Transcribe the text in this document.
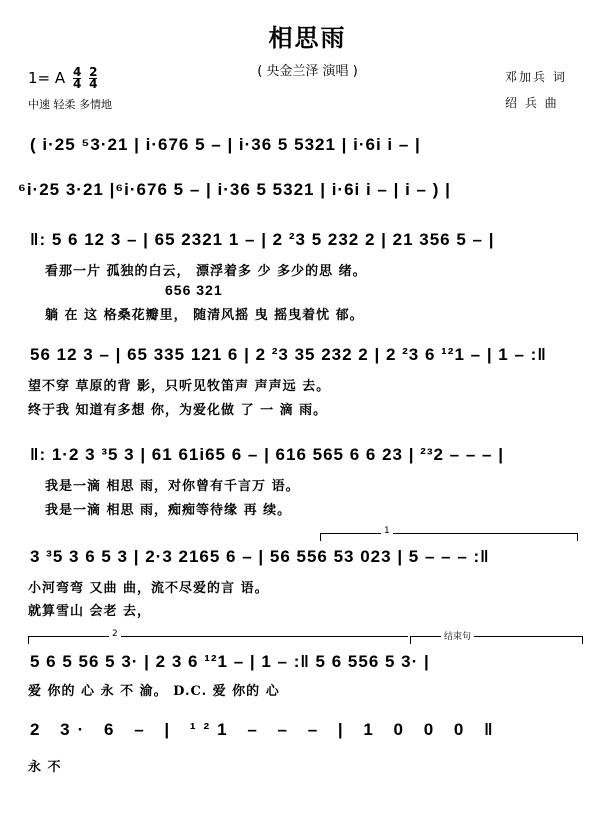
相思雨
( 央金兰泽 演唱 )
1= A $\frac{4}{4}$
$\frac{2}{4}$
中速 轻柔 多情地
邓加兵 词
绍 兵 曲
( i·25 ⁵3·21 | i·676 5 – | i·36 5 5321 | i·6i i – |
⁶i·25 3·21 |⁶i·676 5 – | i·36 5 5321 | i·6i i – | i – ) |
‖: 5 6 12 3 – | 65 2321 1 – | 2 ²3 5 232 2 | 21 356 5 – |
看那一片 孤独的白云， 漂浮着多 少 多少的思 绪。
656 321
躺 在 这 格桑花瓣里， 随清风摇 曳 摇曳着忧 郁。
56 12 3 – | 65 335 121 6 | 2 ²3 35 232 2 | 2 ²3 6 ¹²1 – | 1 – :‖
望不穿 草原的背 影，只听见牧笛声 声声远 去。
终于我 知道有多想 你，为爱化做 了 一 滴 雨。
‖: 1·2 3 ³5 3 | 61 61i65 6 – | 616 565 6 6 23 | ²³2 – – – |
我是一滴 相思 雨，对你曾有千言万 语。
我是一滴 相思 雨，痴痴等待缘 再 续。
1
3 ³5 3 6 5 3 | 2·3 2165 6 – | 56 556 53 023 | 5 – – – :‖
小河弯弯 又曲 曲，流不尽爱的言 语。
就算雪山 会老 去，
2	结束句
5 6 5 56 5 3· | 2 3 6 ¹²1 – | 1 – :‖ 5 6 556 5 3· |
爱 你的 心 永 不 渝。 D.C. 爱 你的 心
2 3· 6 – | ¹²1 – – – | 1 0 0 0 ‖
永 不
